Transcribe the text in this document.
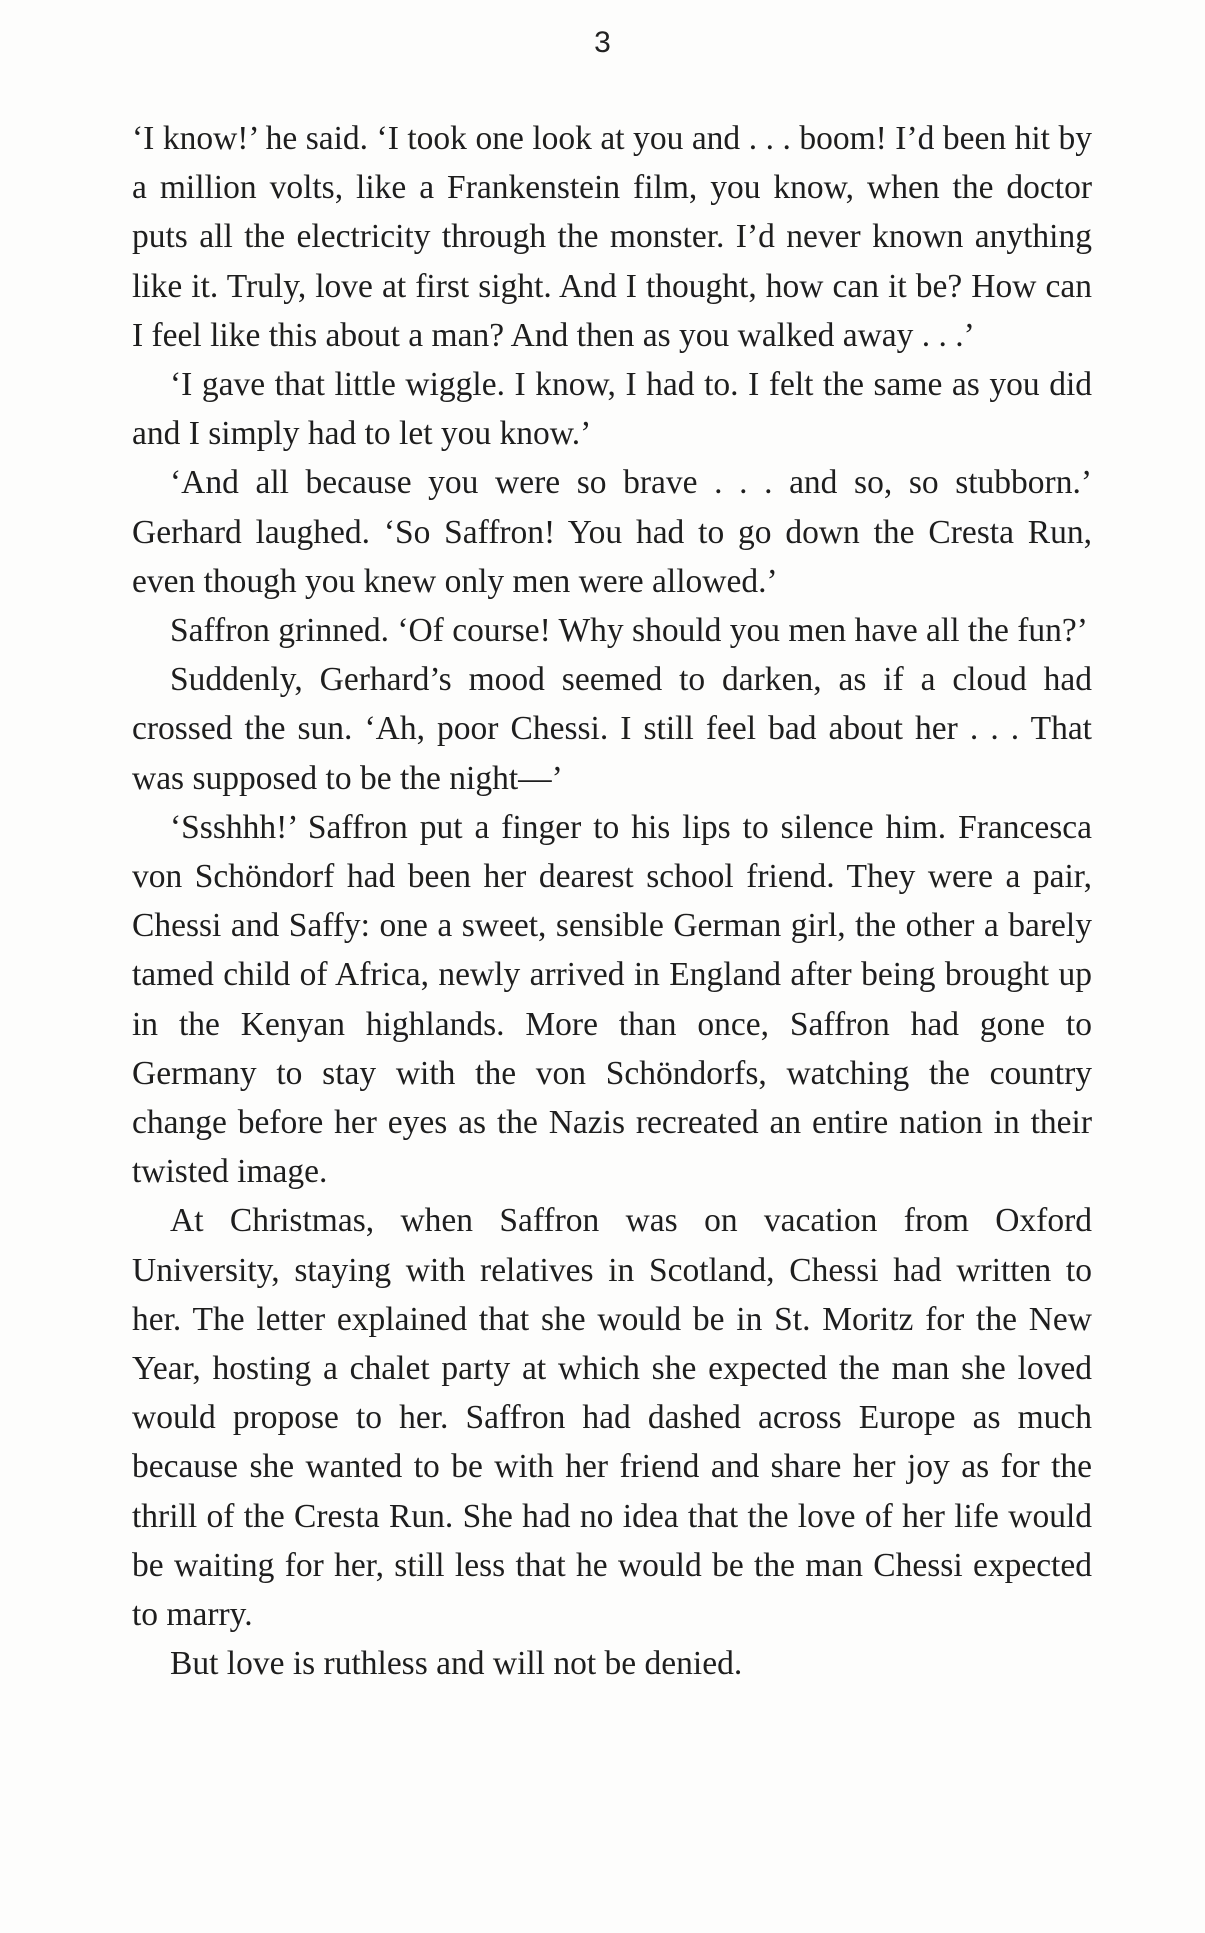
3

‘I know!’ he said. ‘I took one look at you and . . . boom! I’d been hit by a million volts, like a Frankenstein film, you know, when the doctor puts all the electricity through the monster. I’d never known anything like it. Truly, love at first sight. And I thought, how can it be? How can I feel like this about a man? And then as you walked away . . .’

‘I gave that little wiggle. I know, I had to. I felt the same as you did and I simply had to let you know.’

‘And all because you were so brave . . . and so, so stubborn.’ Gerhard laughed. ‘So Saffron! You had to go down the Cresta Run, even though you knew only men were allowed.’

Saffron grinned. ‘Of course! Why should you men have all the fun?’

Suddenly, Gerhard’s mood seemed to darken, as if a cloud had crossed the sun. ‘Ah, poor Chessi. I still feel bad about her . . . That was supposed to be the night—’

‘Ssshhh!’ Saffron put a finger to his lips to silence him. Francesca von Schöndorf had been her dearest school friend. They were a pair, Chessi and Saffy: one a sweet, sensible German girl, the other a barely tamed child of Africa, newly arrived in England after being brought up in the Kenyan highlands. More than once, Saffron had gone to Germany to stay with the von Schöndorfs, watching the country change before her eyes as the Nazis recreated an entire nation in their twisted image.

At Christmas, when Saffron was on vacation from Oxford University, staying with relatives in Scotland, Chessi had written to her. The letter explained that she would be in St. Moritz for the New Year, hosting a chalet party at which she expected the man she loved would propose to her. Saffron had dashed across Europe as much because she wanted to be with her friend and share her joy as for the thrill of the Cresta Run. She had no idea that the love of her life would be waiting for her, still less that he would be the man Chessi expected to marry.

But love is ruthless and will not be denied.
